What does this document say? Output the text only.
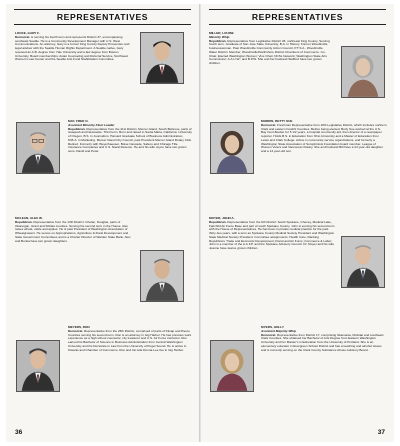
REPRESENTATIVES
LOCKE, GARY F.
Democrat. is serving his fourth term and represents District 37, encompassing southeast Seattle. He is a Community Development Manager with U.S. West Communications. An attorney, Gary is a former King County Deputy Prosecutor and legal advisor with the Seattle Human Rights Department. A Seattle native, Gary received an A.B. degree from Yale University and a law degree from Boston University. Board memberships: Asian Counseling and Referral Service, Northwest Women's Law Center and the Seattle Arts Fund Stabilization Committee.
MAY, FRED O.
Assistant Minority Floor Leader
Republican. Representative from the 41st District, Mercer Island, South Bellevue, parts of Issaquah and Newcastle. Third term. Born and raised in Santa Maria, California. University of Oregon, B.S. in Journalism. Harvard Graduate School of Business Administration, M.B.A. in Marketing. Mercer Island City Council, past President Mercer Island Rotary Club. Retired. Formerly with Weyerhaeuser, Boise Cascade, Safeco and Chicago Title Insurance Companies and U.S. Naval Reserve. He and his wife Joyce have two grown sons, David and Peter.
MCLEAN, ALEX W.
Republican. Representative from the 13th District: Chelan, Douglas, parts of Okanogan, Grant and Kittitas counties. Serving his second term in the House. Alex raises wheat, cattle and apples. He is past President of Washington Association of Wheatgrowers. He serves on Appropriations, Agriculture & Rural Development and State Government Committees and is a Charter Director of Warden State Bank. Alex and Bonita have two grown daughters.
MEYERS, RON
Democrat. Representative from the 26th District, comprised of parts of Kitsap and Pierce Counties serving his second term. Ron is an attorney in Gig Harbor. He has previous work experience as a high school counselor, city treasurer and U.S. Air Force instructor. Ron earned his Bachelor of Science in Business Administration from Central Washington University and his Doctorate in Law from the University of Puget Sound. He is active in Kiwanis and Chamber of Commerce. Ron and his wife Donna-Lee live in Gig Harbor.
36
REPRESENTATIVES
MILLER, LOUISE
Minority Whip
Republican. Representative from Legislative District 45, northeast King County. Serving fourth term. Graduate of San Jose State University, B.A. in History. Former Woodinville businesswoman. Past Woodinville Community Action Council, P.T.S.A., Woodinville Water District. Member, Woodinville/Northshore District Chambers of Commerce. Co-Chair, Elected Washington Women; Vice Chair, NCSL Network; Washington State Arts Commission; A.A.U.W.; and B.P.W. She and her husband Stafford have two grown children.
MORRIS, BETTY SUE
Democrat. Freshman Representative from 18th Legislative District, which includes northern Clark and eastern Cowlitz Counties. Before being elected, Betty Sue worked at the U.S. Bay Cent Booker for 5 1/2 years, a hospital community aid, then director of a newspaper reporter. Holds B.S. in Education from Ohio University and a Master of Education from Lewis and Clark College. Active in community service organizations, and formerly a Washington State Association of Soroptimists Foundation board member, League of Women Voters and Vancouver Rotary. She and husband Bill have a 24 year-old daughter and a 14 year-old son.
MOYER, JOHN A.
Republican. Representative from the 6th District: South Spokane, Cheney, Medical Lake, Fairchild Air Force Base and part of south Spokane County. John is serving his second term with the House of Representatives. He has been in private medical practice for the past thirty-two years, with a term as Spokane County Medical Society President and Washington State Medical Society President. Committee assignments: Health Care, Ranking Republican; Trade and Economic Development; Fiscal and Air Force; Commerce & Labor; John is a member of the A.A.F.P. and the Spokane Advisory Council. Dr. Moyer and his wife Joanne have twelve grown children.
MYERS, HOLLY
Assistant Majority Whip
Democrat. Representative from District 17, comprising Skamania, Klickitat and southeast Clark Counties. She obtained her Bachelor of Arts Degree from Eastern Washington University and her Master's in Education from the University of Portland. She is an elementary educator in Evergreen School District and has a teaching and alcohol issues and is currently serving on the Clark County Substance Abuse Advisory Board.
37
